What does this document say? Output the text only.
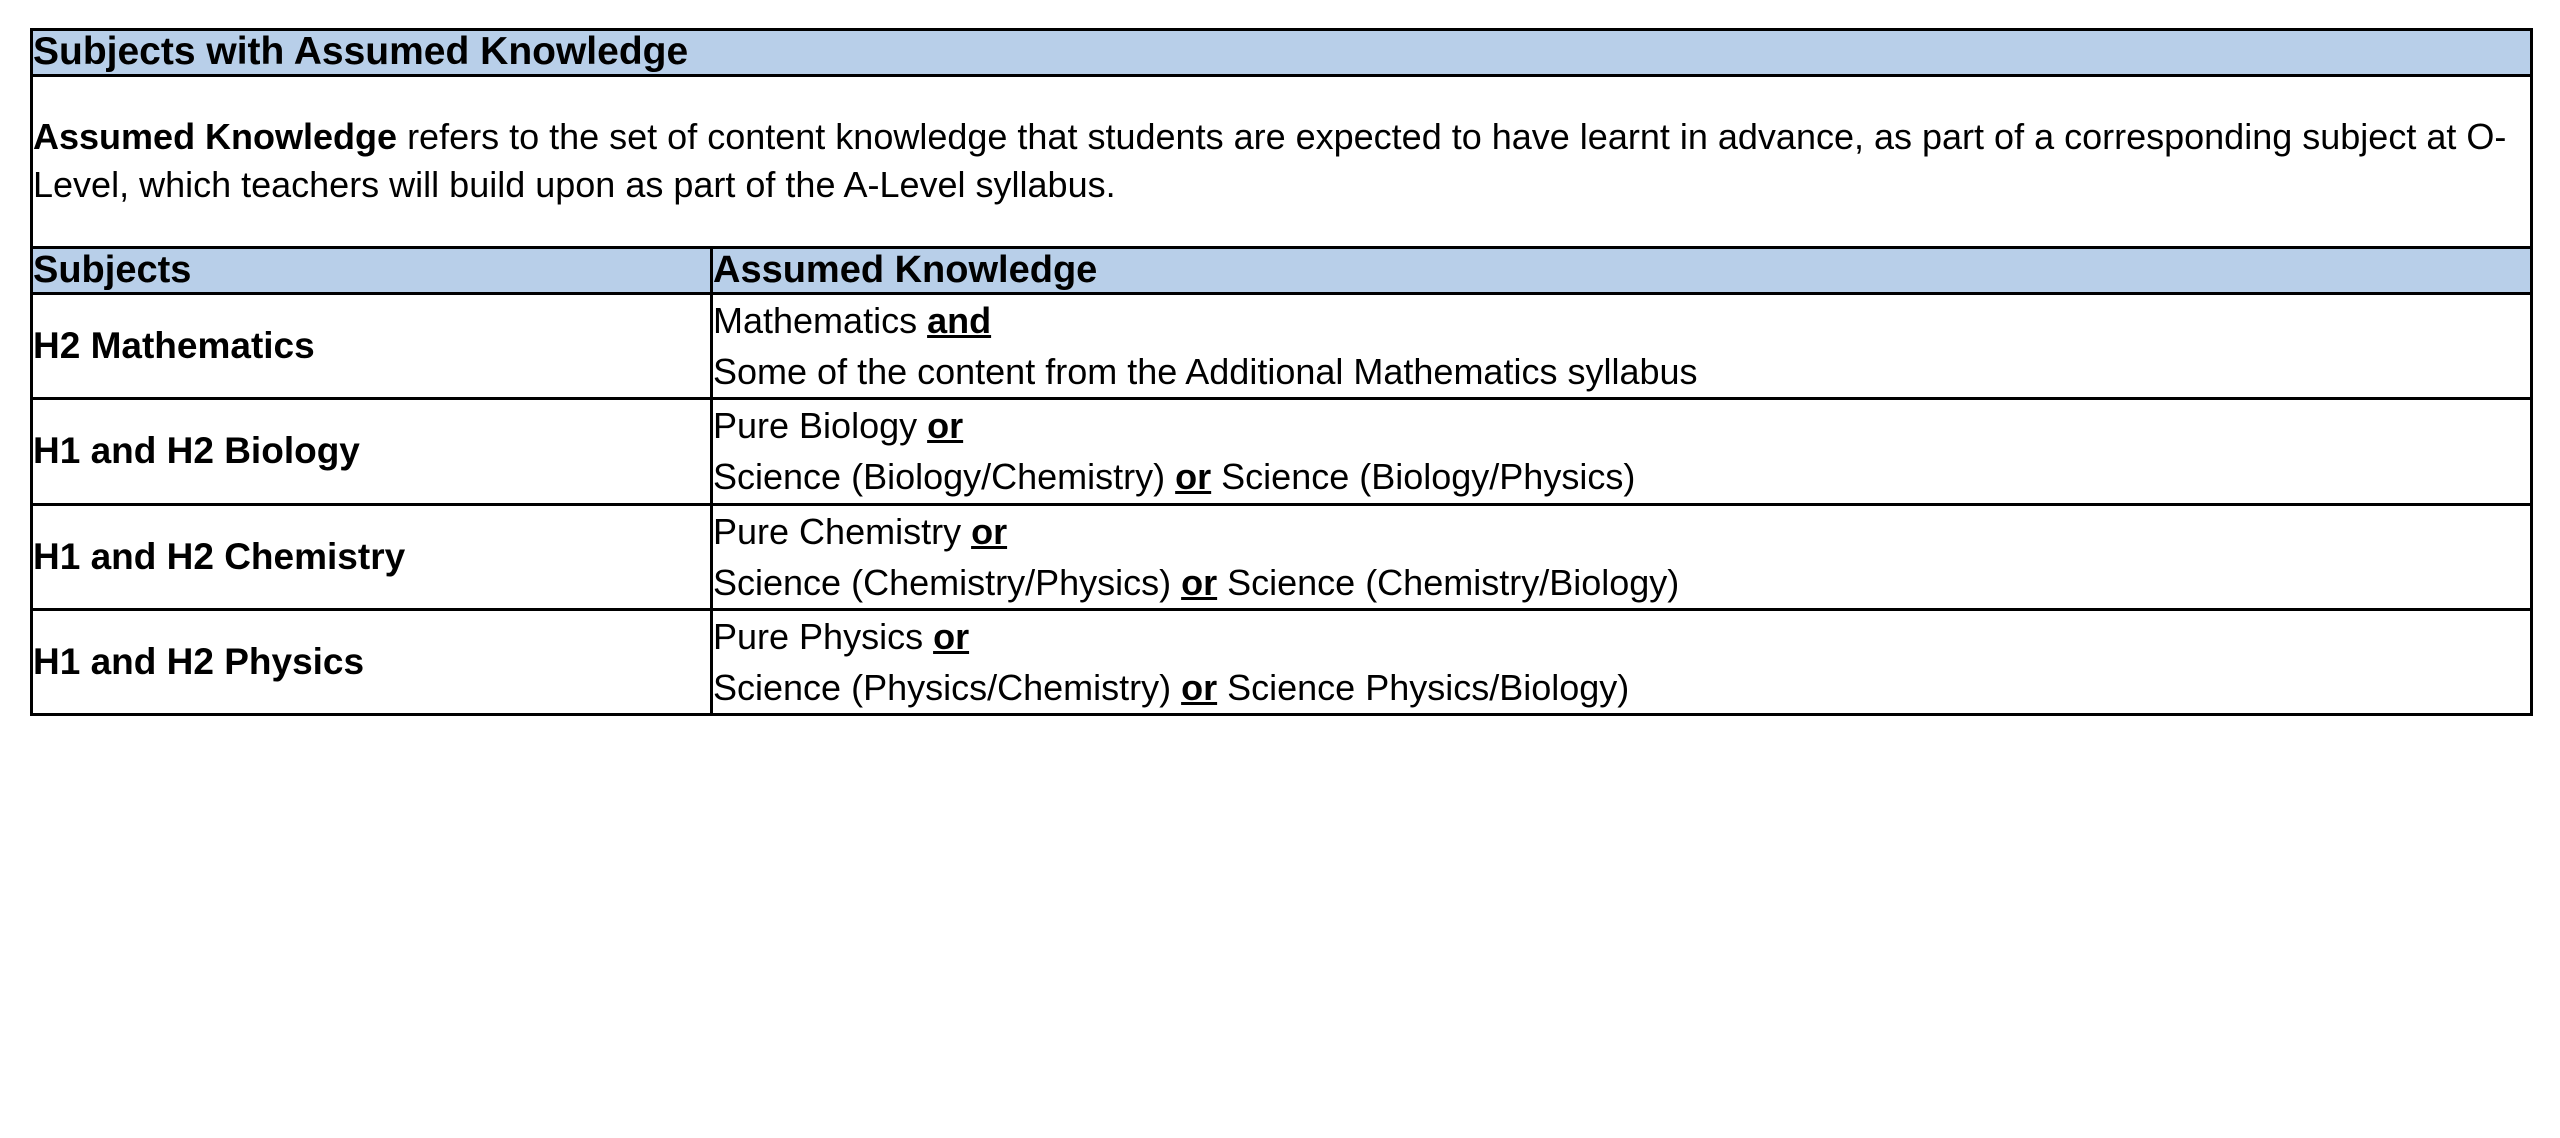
Subjects with Assumed Knowledge	

Assumed Knowledge refers to the set of content knowledge that students are expected to have learnt in advance, as part of a corresponding subject at O-Level, which teachers will build upon as part of the A-Level syllabus.	

Subjects	Assumed Knowledge

H2 Mathematics	Mathematics and
Some of the content from the Additional Mathematics syllabus

H1 and H2 Biology	Pure Biology or
Science (Biology/Chemistry) or Science (Biology/Physics)

H1 and H2 Chemistry	Pure Chemistry or
Science (Chemistry/Physics) or Science (Chemistry/Biology)

H1 and H2 Physics	Pure Physics or
Science (Physics/Chemistry) or Science Physics/Biology)
